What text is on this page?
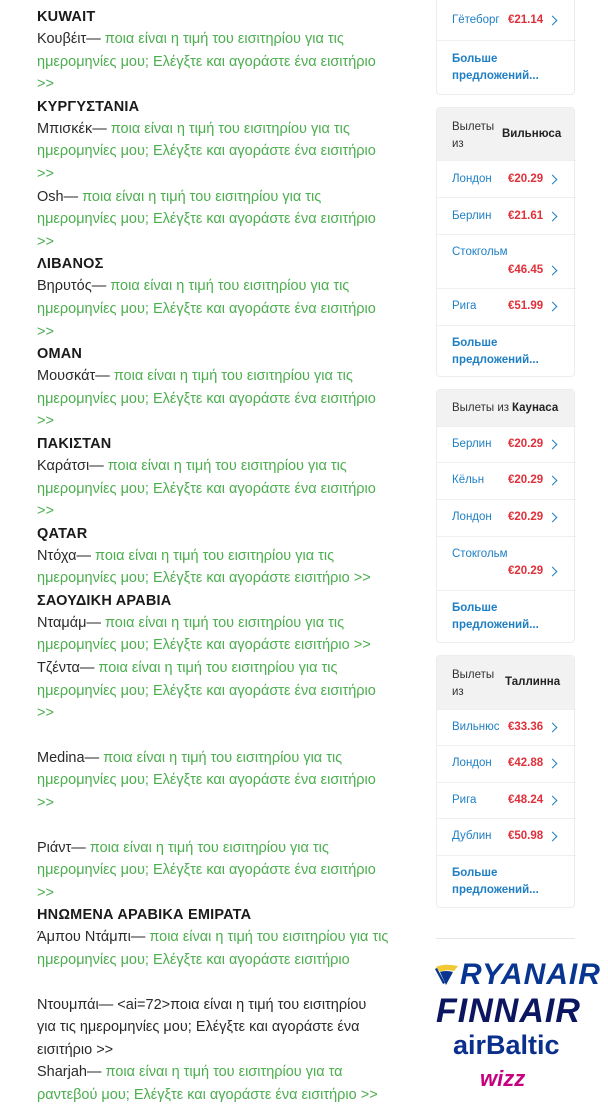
KUWAIT
Κουβέιτ— ποια είναι η τιμή του εισιτηρίου για τις ημερομηνίες μου; Ελέγξτε και αγοράστε ένα εισιτήριο >>
ΚΥΡΓΥΣΤΑΝΙΑ
Μπισκέκ— ποια είναι η τιμή του εισιτηρίου για τις ημερομηνίες μου; Ελέγξτε και αγοράστε ένα εισιτήριο >>
Osh— ποια είναι η τιμή του εισιτηρίου για τις ημερομηνίες μου; Ελέγξτε και αγοράστε ένα εισιτήριο >>
ΛΙΒΑΝΟΣ
Βηρυτός— ποια είναι η τιμή του εισιτηρίου για τις ημερομηνίες μου; Ελέγξτε και αγοράστε ένα εισιτήριο >>
ΟΜΑΝ
Μουσκάτ— ποια είναι η τιμή του εισιτηρίου για τις ημερομηνίες μου; Ελέγξτε και αγοράστε ένα εισιτήριο >>
ΠΑΚΙΣΤΑΝ
Καράτσι— ποια είναι η τιμή του εισιτηρίου για τις ημερομηνίες μου; Ελέγξτε και αγοράστε ένα εισιτήριο >>
QATAR
Ντόχα— ποια είναι η τιμή του εισιτηρίου για τις ημερομηνίες μου; Ελέγξτε και αγοράστε εισιτήριο >>
ΣΑΟΥΔΙΚΗ ΑΡΑΒΙΑ
Νταμάμ— ποια είναι η τιμή του εισιτηρίου για τις ημερομηνίες μου; Ελέγξτε και αγοράστε εισιτήριο >>
Τζέντα— ποια είναι η τιμή του εισιτηρίου για τις ημερομηνίες μου; Ελέγξτε και αγοράστε ένα εισιτήριο >>
Medina— ποια είναι η τιμή του εισιτηρίου για τις ημερομηνίες μου; Ελέγξτε και αγοράστε ένα εισιτήριο >>
Ριάντ— ποια είναι η τιμή του εισιτηρίου για τις ημερομηνίες μου; Ελέγξτε και αγοράστε ένα εισιτήριο >>
ΗΝΩΜΕΝΑ ΑΡΑΒΙΚΑ ΕΜΙΡΑΤΑ
Άμπου Ντάμπι— ποια είναι η τιμή του εισιτηρίου για τις ημερομηνίες μου; Ελέγξτε και αγοράστε εισιτήριο
Ντουμπάι— <ai=72>ποια είναι η τιμή του εισιτηρίου για τις ημερομηνίες μου; Ελέγξτε και αγοράστε ένα εισιτήριο >>
Sharjah— ποια είναι η τιμή του εισιτηρίου για τα ραντεβού μου; Ελέγξτε και αγοράστε ένα εισιτήριο >>
Гётеборг €21.14
Больше предложений...
Вылеты из
Вильнюса
Лондон €20.29
Берлин €21.61
Стокгольм
€46.45
Рига	€51.99
Больше предложений...
Вылеты из Каунаса
Берлин €20.29
Кёльн €20.29
Лондон €20.29
Стокгольм
€20.29
Больше предложений...
Вылеты из
Таллинна
Вильнюс €33.36
Лондон €42.88
Рига	€48.24
Дублин €50.98
Больше предложений...
RYANAIR
FINNAIR
airBaltic
wizz
